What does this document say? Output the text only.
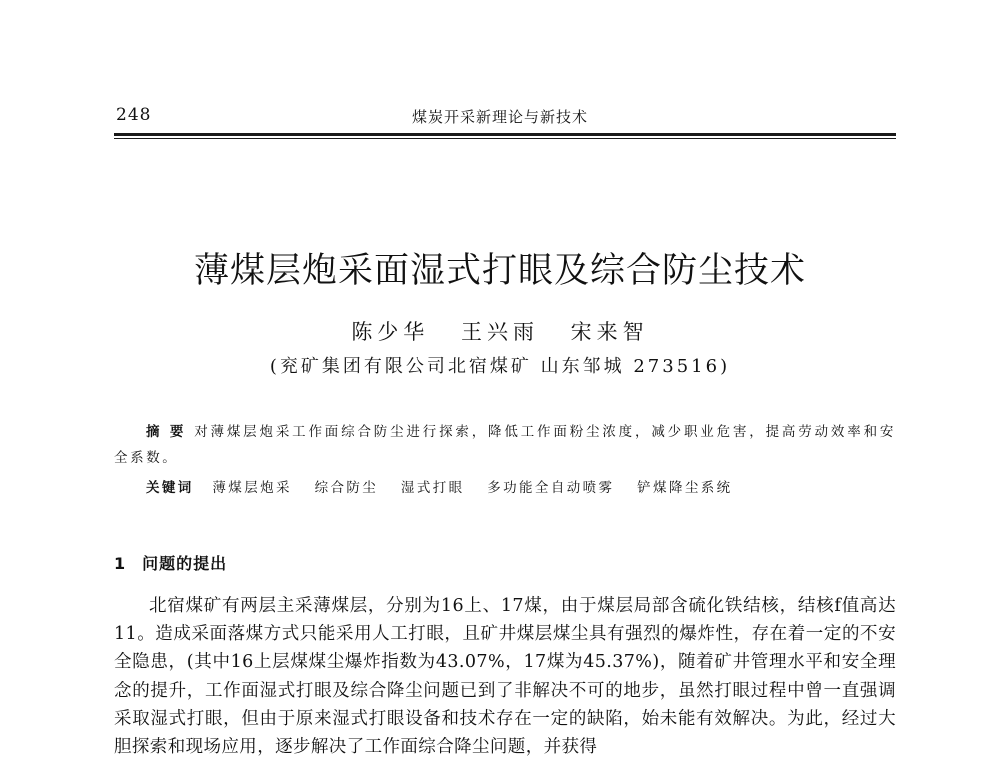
248	煤炭开采新理论与新技术
薄煤层炮采面湿式打眼及综合防尘技术
陈少华 王兴雨 宋来智
(兖矿集团有限公司北宿煤矿 山东邹城 273516)
摘 要 对薄煤层炮采工作面综合防尘进行探索，降低工作面粉尘浓度，减少职业危害，提高劳动效率和安全系数。
关键词 薄煤层炮采 综合防尘 湿式打眼 多功能全自动喷雾 铲煤降尘系统
1 问题的提出
北宿煤矿有两层主采薄煤层，分别为16上、17煤，由于煤层局部含硫化铁结核，结核f值高达11。造成采面落煤方式只能采用人工打眼，且矿井煤层煤尘具有强烈的爆炸性，存在着一定的不安全隐患，(其中16上层煤煤尘爆炸指数为43.07%，17煤为45.37%)，随着矿井管理水平和安全理念的提升，工作面湿式打眼及综合降尘问题已到了非解决不可的地步，虽然打眼过程中曾一直强调采取湿式打眼，但由于原来湿式打眼设备和技术存在一定的缺陷，始未能有效解决。为此，经过大胆探索和现场应用，逐步解决了工作面综合降尘问题，并获得
